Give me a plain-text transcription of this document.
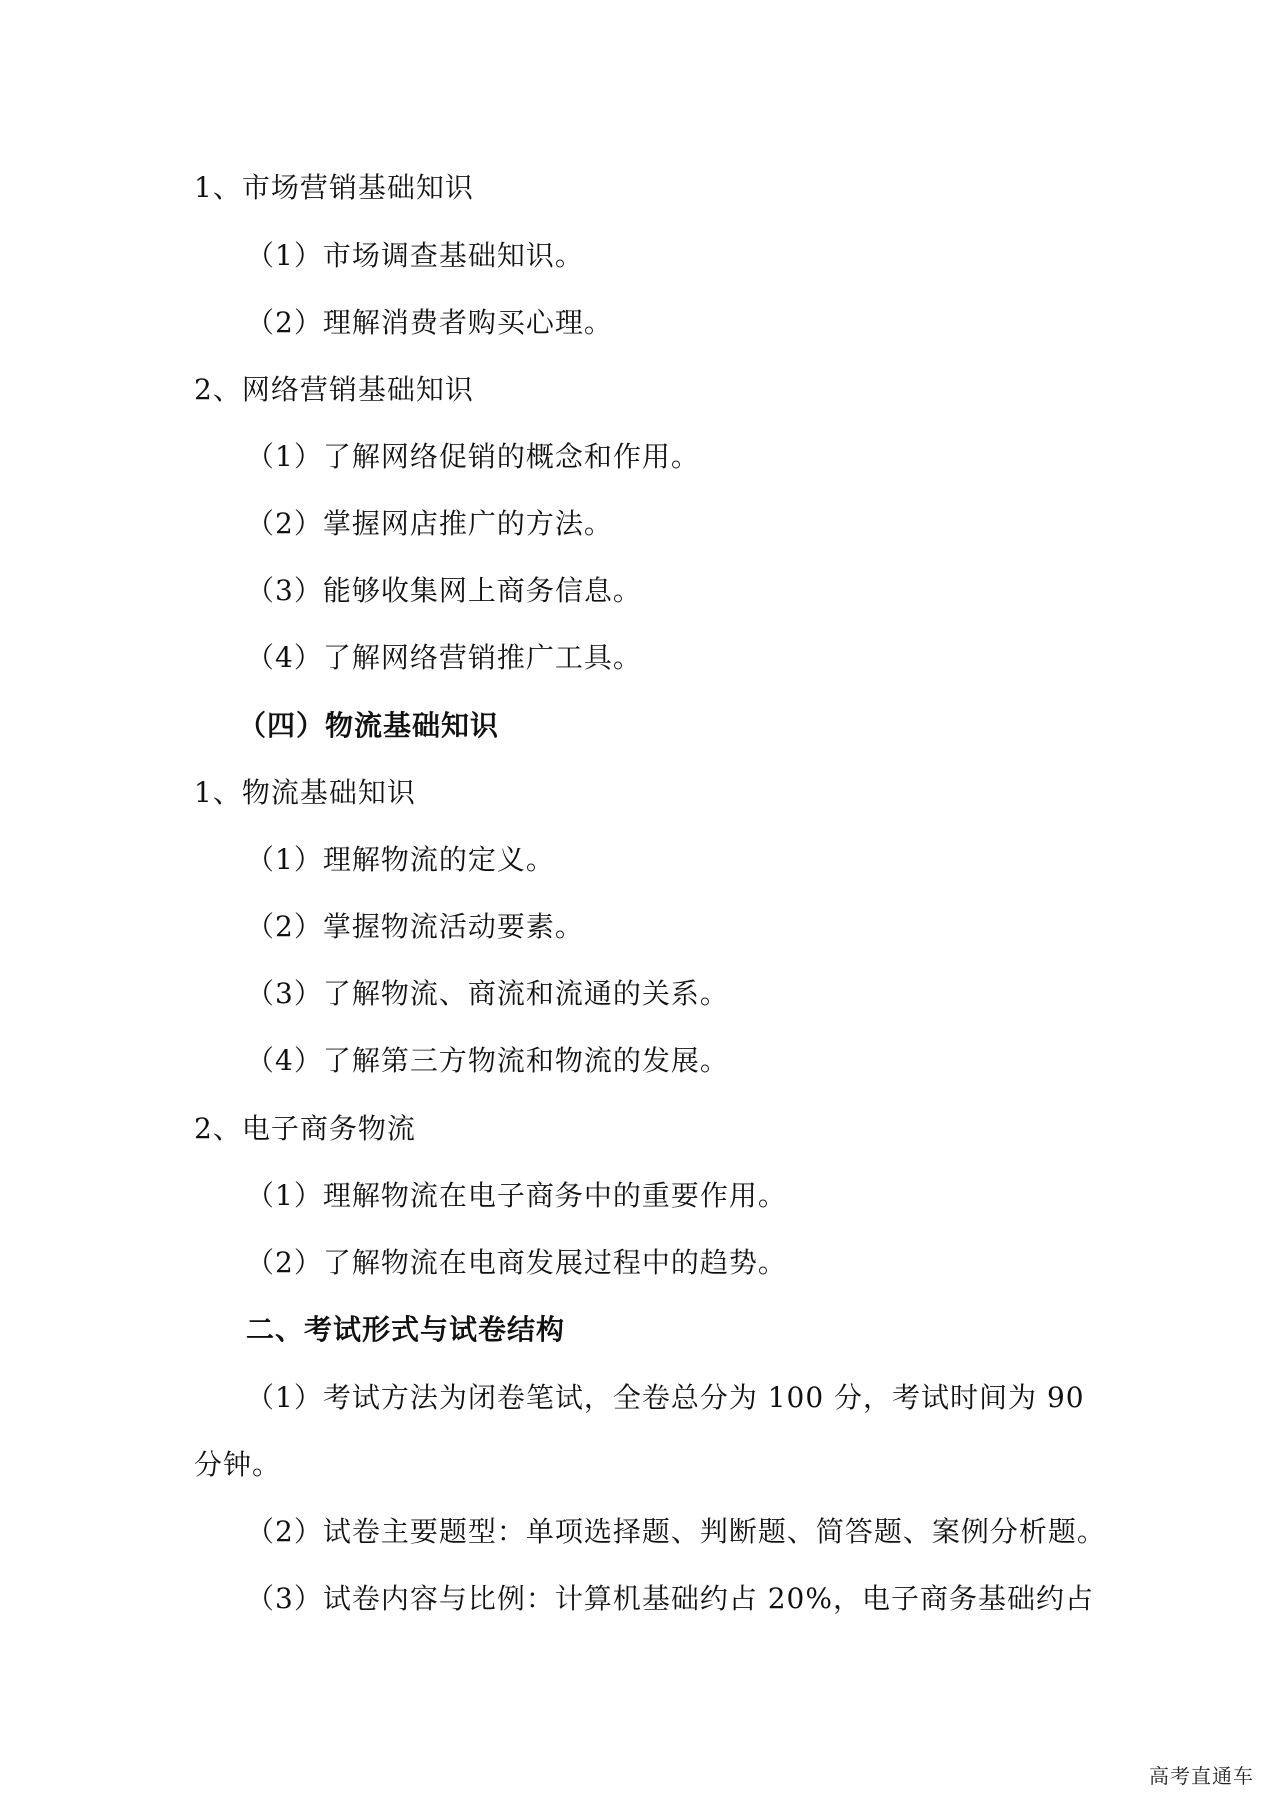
1、市场营销基础知识
（1）市场调查基础知识。
（2）理解消费者购买心理。
2、网络营销基础知识
（1）了解网络促销的概念和作用。
（2）掌握网店推广的方法。
（3）能够收集网上商务信息。
（4）了解网络营销推广工具。
（四）物流基础知识
1、物流基础知识
（1）理解物流的定义。
（2）掌握物流活动要素。
（3）了解物流、商流和流通的关系。
（4）了解第三方物流和物流的发展。
2、电子商务物流
（1）理解物流在电子商务中的重要作用。
（2）了解物流在电商发展过程中的趋势。
二、考试形式与试卷结构
（1）考试方法为闭卷笔试，全卷总分为 100 分，考试时间为 90
分钟。
（2）试卷主要题型：单项选择题、判断题、简答题、案例分析题。
（3）试卷内容与比例：计算机基础约占 20%，电子商务基础约占
高考直通车
